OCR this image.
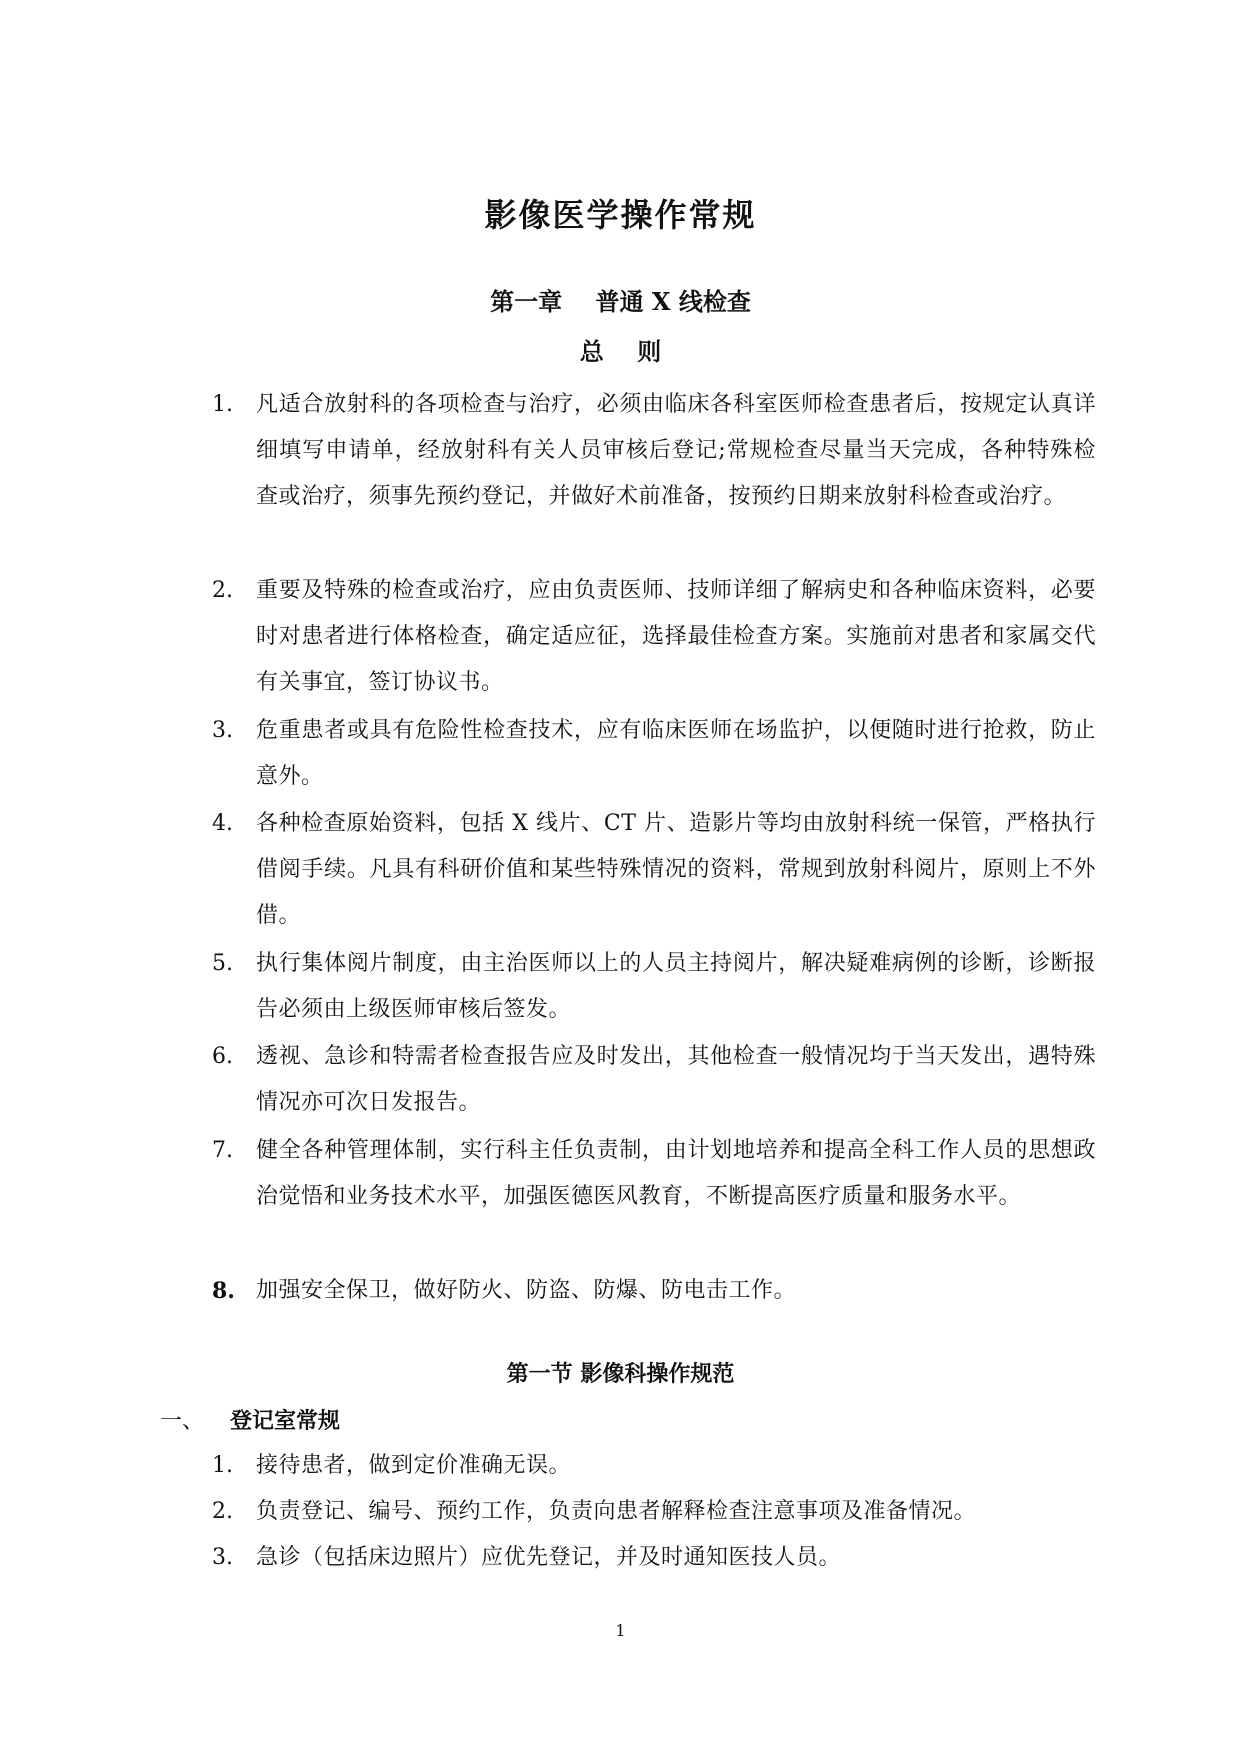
影像医学操作常规
第一章    普通 X 线检查
总    则
1.	凡适合放射科的各项检查与治疗，必须由临床各科室医师检查患者后，按规定认真详细填写申请单，经放射科有关人员审核后登记;常规检查尽量当天完成，各种特殊检查或治疗，须事先预约登记，并做好术前准备，按预约日期来放射科检查或治疗。
2.	重要及特殊的检查或治疗，应由负责医师、技师详细了解病史和各种临床资料，必要时对患者进行体格检查，确定适应征，选择最佳检查方案。实施前对患者和家属交代有关事宜，签订协议书。
3.	危重患者或具有危险性检查技术，应有临床医师在场监护，以便随时进行抢救，防止意外。
4.	各种检查原始资料，包括 X 线片、CT 片、造影片等均由放射科统一保管，严格执行借阅手续。凡具有科研价值和某些特殊情况的资料，常规到放射科阅片，原则上不外借。
5.	执行集体阅片制度，由主治医师以上的人员主持阅片，解决疑难病例的诊断，诊断报告必须由上级医师审核后签发。
6.	透视、急诊和特需者检查报告应及时发出，其他检查一般情况均于当天发出，遇特殊情况亦可次日发报告。
7.	健全各种管理体制，实行科主任负责制，由计划地培养和提高全科工作人员的思想政治觉悟和业务技术水平，加强医德医风教育，不断提高医疗质量和服务水平。
8. 加强安全保卫，做好防火、防盗、防爆、防电击工作。
第一节 影像科操作规范
一、 登记室常规
1.	接待患者，做到定价准确无误。
2.	负责登记、编号、预约工作，负责向患者解释检查注意事项及准备情况。
3.	急诊（包括床边照片）应优先登记，并及时通知医技人员。
1
